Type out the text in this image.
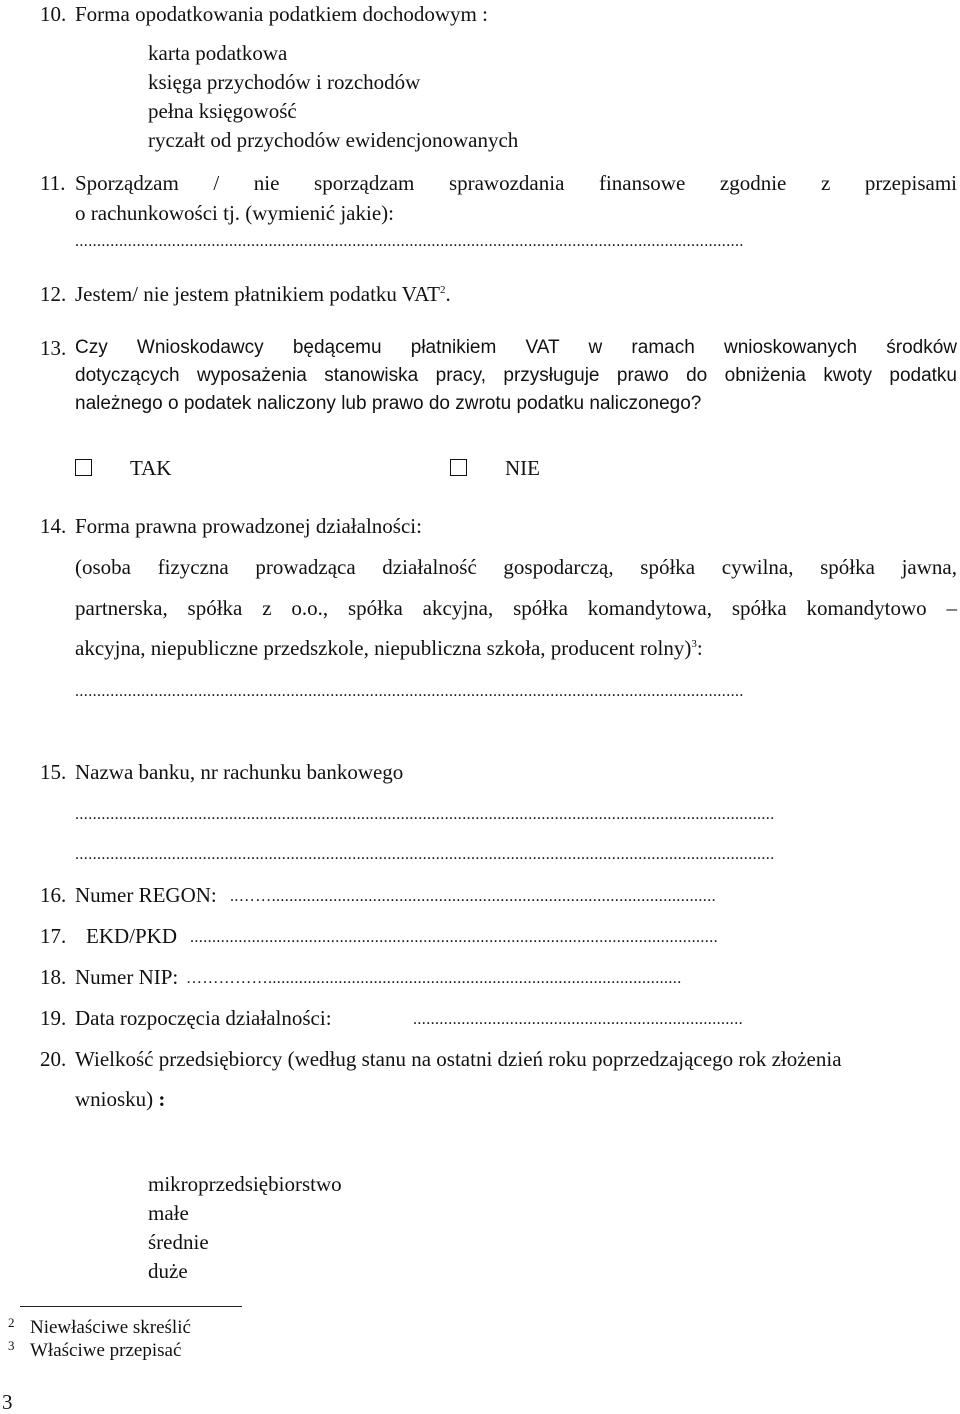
10. Forma opodatkowania podatkiem dochodowym :
karta podatkowa
księga przychodów i rozchodów
pełna księgowość
ryczałt od przychodów ewidencjonowanych
11. Sporządzam / nie sporządzam sprawozdania finansowe zgodnie z przepisami
o rachunkowości tj. (wymienić jakie):
........................................................................................................................................................
12. Jestem/ nie jestem płatnikiem podatku VAT$^2$.
13. Czy Wnioskodawcy będącemu płatnikiem VAT w ramach wnioskowanych środków
dotyczących wyposażenia stanowiska pracy, przysługuje prawo do obniżenia kwoty podatku
należnego o podatek naliczony lub prawo do zwrotu podatku naliczonego?
TAK	NIE
14. Forma prawna prowadzonej działalności:
(osoba fizyczna prowadząca działalność gospodarczą, spółka cywilna, spółka jawna,
partnerska, spółka z o.o., spółka akcyjna, spółka komandytowa, spółka komandytowo –
akcyjna, niepubliczne przedszkole, niepubliczna szkoła, producent rolny)$^3$:
........................................................................................................................................................
15. Nazwa banku, nr rachunku bankowego
...............................................................................................................................................................
...............................................................................................................................................................
16. Numer REGON: ..…….....................................................................................................
17. EKD/PKD ........................................................................................................................
18. Numer NIP: ……………..............................................................................................
19. Data rozpoczęcia działalności:	...........................................................................
20. Wielkość przedsiębiorcy (według stanu na ostatni dzień roku poprzedzającego rok złożenia
wniosku) :
mikroprzedsiębiorstwo
małe
średnie
duże
2 Niewłaściwe skreślić
3 Właściwe przepisać
3
